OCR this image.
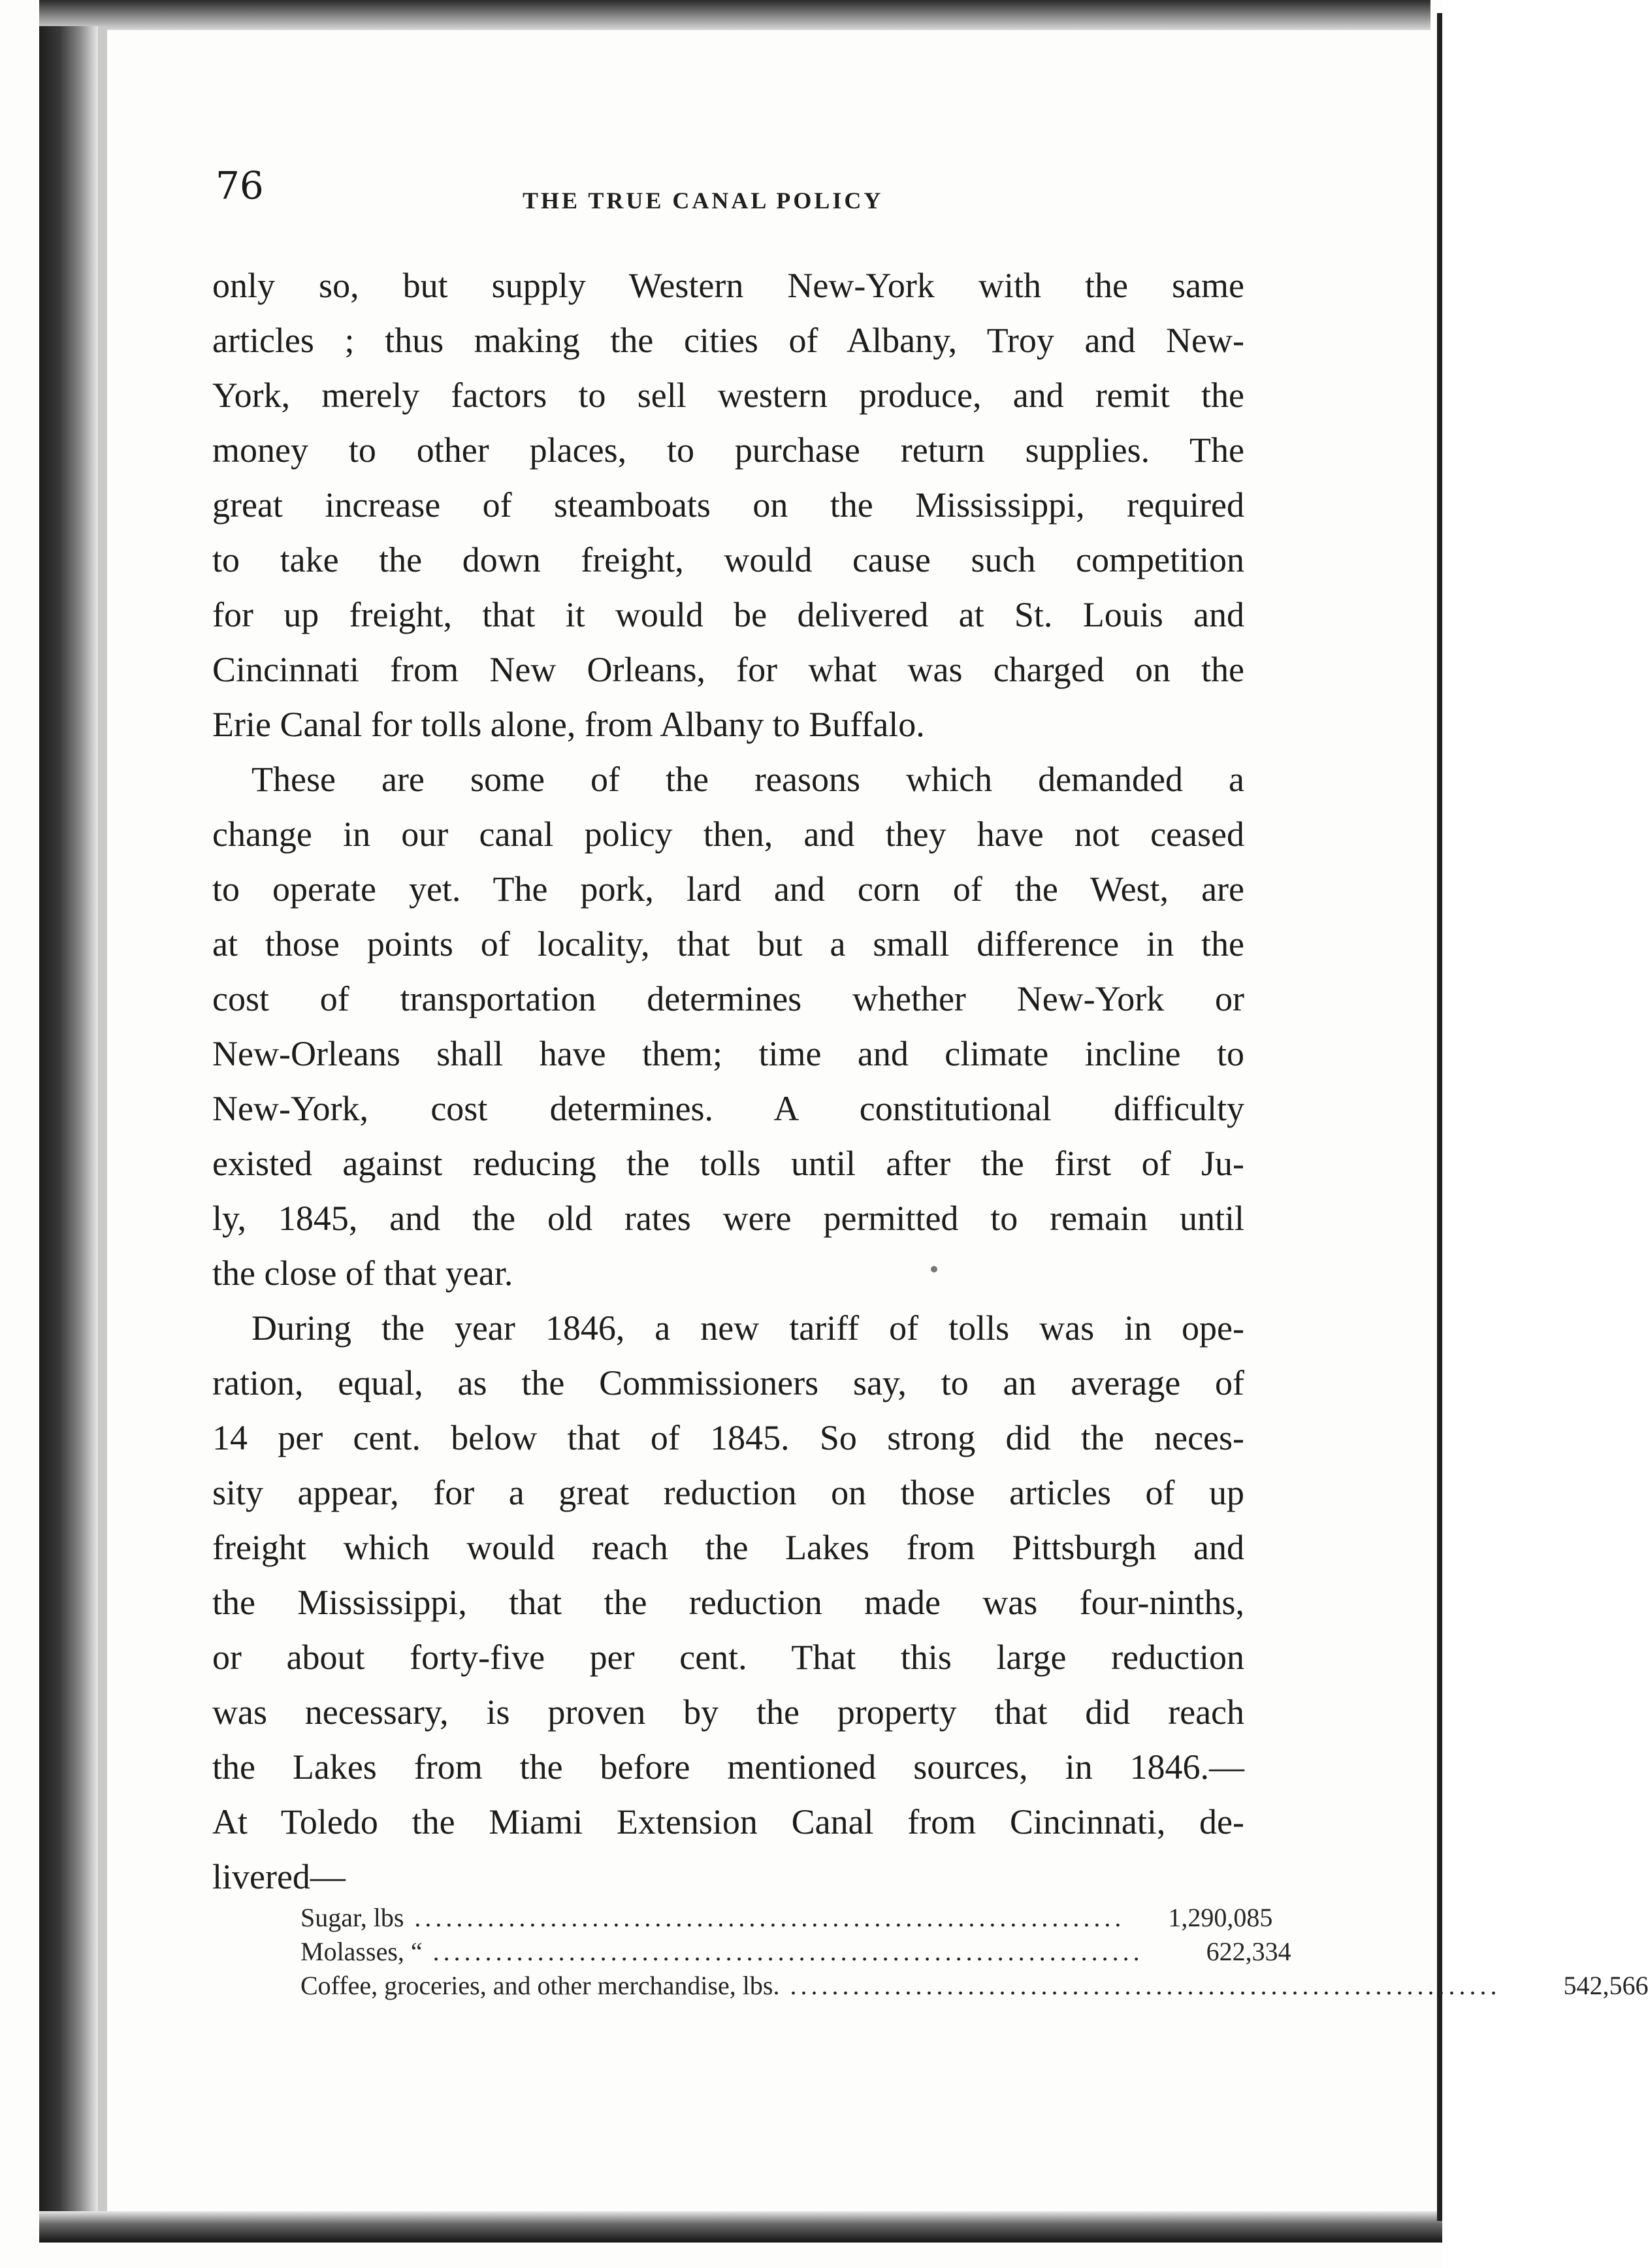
76	THE TRUE CANAL POLICY
only so, but supply Western New-York with the same
articles ; thus making the cities of Albany, Troy and New-
York, merely factors to sell western produce, and remit the
money to other places, to purchase return supplies. The
great increase of steamboats on the Mississippi, required
to take the down freight, would cause such competition
for up freight, that it would be delivered at St. Louis and
Cincinnati from New Orleans, for what was charged on the
Erie Canal for tolls alone, from Albany to Buffalo.
These are some of the reasons which demanded a
change in our canal policy then, and they have not ceased
to operate yet. The pork, lard and corn of the West, are
at those points of locality, that but a small difference in the
cost of transportation determines whether New-York or
New-Orleans shall have them; time and climate incline to
New-York, cost determines. A constitutional difficulty
existed against reducing the tolls until after the first of Ju-
ly, 1845, and the old rates were permitted to remain until
the close of that year.
During the year 1846, a new tariff of tolls was in ope-
ration, equal, as the Commissioners say, to an average of
14 per cent. below that of 1845. So strong did the neces-
sity appear, for a great reduction on those articles of up
freight which would reach the Lakes from Pittsburgh and
the Mississippi, that the reduction made was four-ninths,
or about forty-five per cent. That this large reduction
was necessary, is proven by the property that did reach
the Lakes from the before mentioned sources, in 1846.—
At Toledo the Miami Extension Canal from Cincinnati, de-
livered—
Sugar, lbs ....................................................................	1,290,085
Molasses, “ ....................................................................	622,334
Coffee, groceries, and other merchandise, lbs. ....................................................................	542,566
